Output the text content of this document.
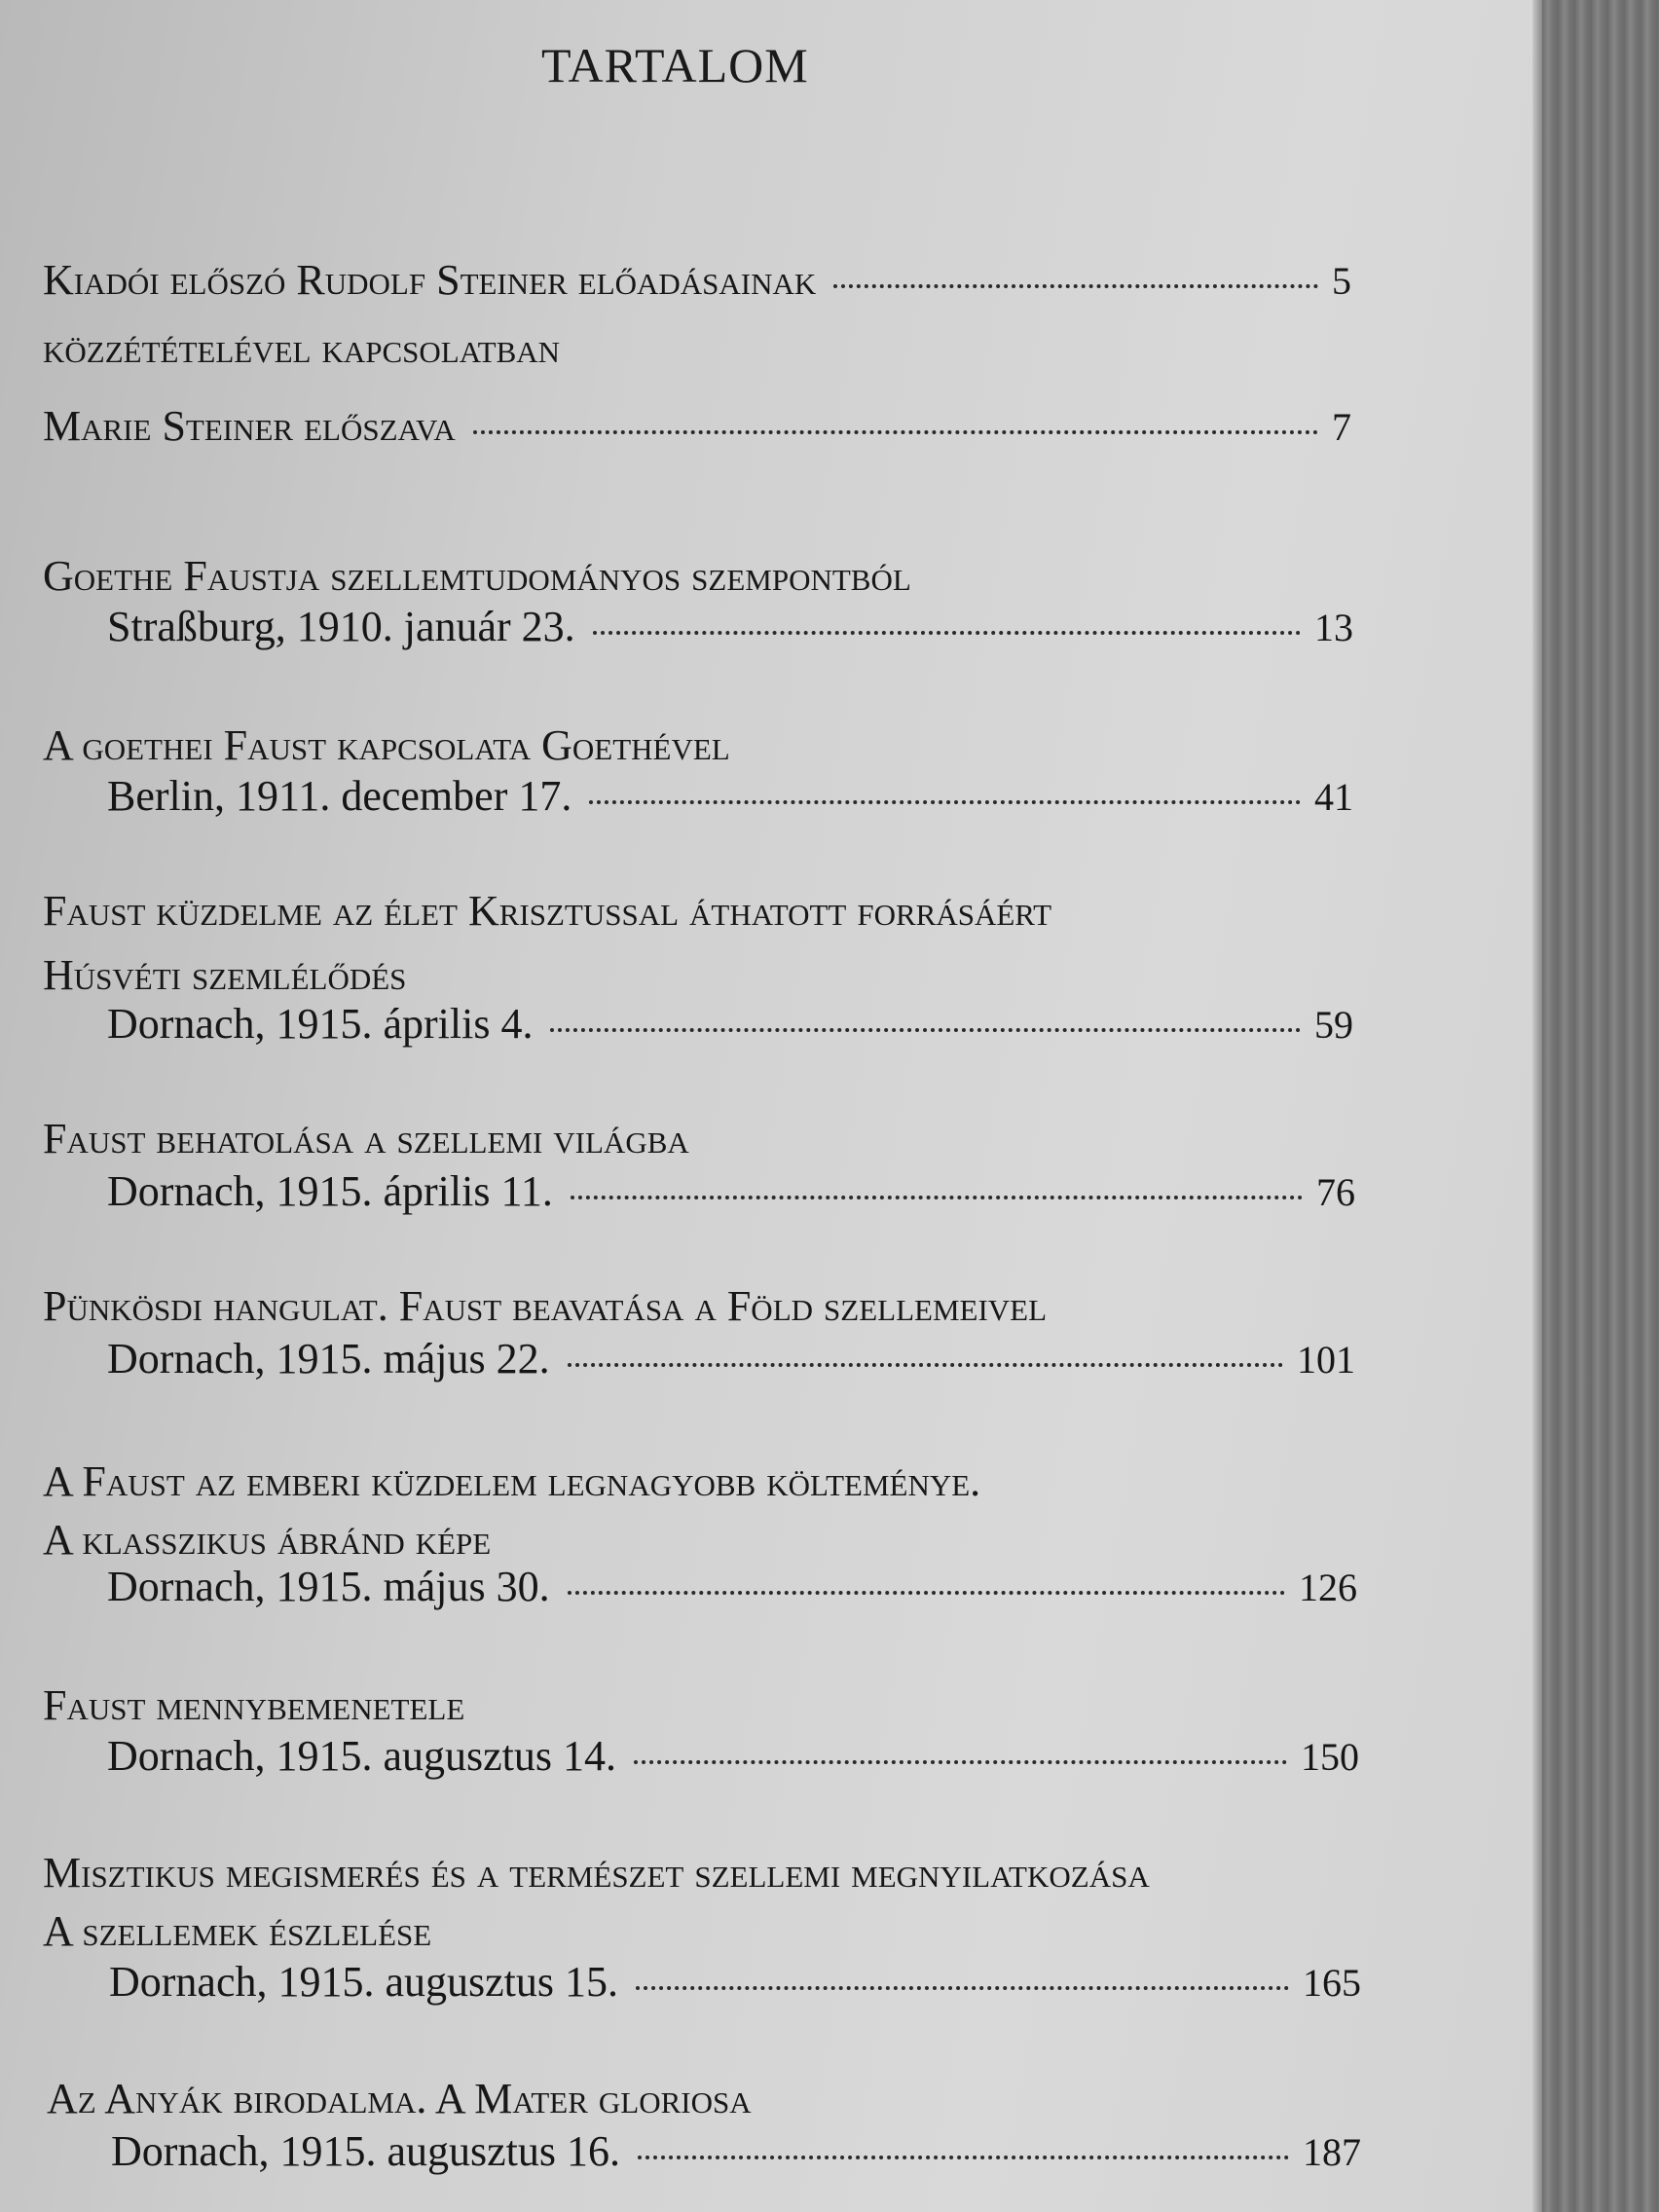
TARTALOM
Kiadói előszó Rudolf Steiner előadásainak	5
közzétételével kapcsolatban
Marie Steiner előszava	7
Goethe Faustja szellemtudományos szempontból
Straßburg, 1910. január 23.	13
A goethei Faust kapcsolata Goethével
Berlin, 1911. december 17.	41
Faust küzdelme az élet Krisztussal áthatott forrásáért
Húsvéti szemlélődés
Dornach, 1915. április 4.	59
Faust behatolása a szellemi világba
Dornach, 1915. április 11.	76
Pünkösdi hangulat. Faust beavatása a Föld szellemeivel
Dornach, 1915. május 22.	101
A Faust az emberi küzdelem legnagyobb költeménye.
A klasszikus ábránd képe
Dornach, 1915. május 30.	126
Faust mennybemenetele
Dornach, 1915. augusztus 14.	150
Misztikus megismerés és a természet szellemi megnyilatkozása
A szellemek észlelése
Dornach, 1915. augusztus 15.	165
Az Anyák birodalma. A Mater gloriosa
Dornach, 1915. augusztus 16.	187
